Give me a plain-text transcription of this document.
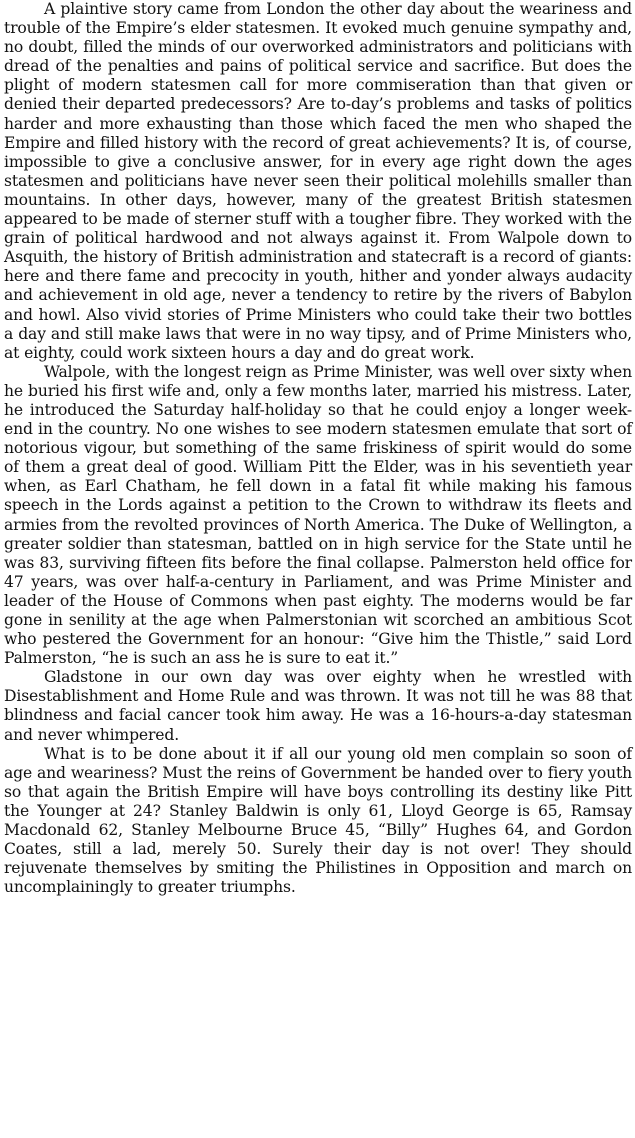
A plaintive story came from London the other day about the weariness and trouble of the Empire’s elder statesmen. It evoked much genuine sympathy and, no doubt, filled the minds of our overworked administrators and politicians with dread of the penalties and pains of political service and sacrifice. But does the plight of modern statesmen call for more commiseration than that given or denied their departed predecessors? Are to-day’s problems and tasks of politics harder and more exhausting than those which faced the men who shaped the Empire and filled history with the record of great achievements? It is, of course, impossible to give a conclusive answer, for in every age right down the ages statesmen and politicians have never seen their political molehills smaller than mountains. In other days, however, many of the greatest British statesmen appeared to be made of sterner stuff with a tougher fibre. They worked with the grain of political hardwood and not always against it. From Walpole down to Asquith, the history of British administration and statecraft is a record of giants: here and there fame and precocity in youth, hither and yonder always audacity and achievement in old age, never a tendency to retire by the rivers of Babylon and howl. Also vivid stories of Prime Ministers who could take their two bottles a day and still make laws that were in no way tipsy, and of Prime Ministers who, at eighty, could work sixteen hours a day and do great work.

Walpole, with the longest reign as Prime Minister, was well over sixty when he buried his first wife and, only a few months later, married his mistress. Later, he introduced the Saturday half-holiday so that he could enjoy a longer week-end in the country. No one wishes to see modern statesmen emulate that sort of notorious vigour, but something of the same friskiness of spirit would do some of them a great deal of good. William Pitt the Elder, was in his seventieth year when, as Earl Chatham, he fell down in a fatal fit while making his famous speech in the Lords against a petition to the Crown to withdraw its fleets and armies from the revolted provinces of North America. The Duke of Wellington, a greater soldier than statesman, battled on in high service for the State until he was 83, surviving fifteen fits before the final collapse. Palmerston held office for 47 years, was over half-a-century in Parliament, and was Prime Minister and leader of the House of Commons when past eighty. The moderns would be far gone in senility at the age when Palmerstonian wit scorched an ambitious Scot who pestered the Government for an honour: “Give him the Thistle,” said Lord Palmerston, “he is such an ass he is sure to eat it.”

Gladstone in our own day was over eighty when he wrestled with Disestablishment and Home Rule and was thrown. It was not till he was 88 that blindness and facial cancer took him away. He was a 16-hours-a-day statesman and never whimpered.

What is to be done about it if all our young old men complain so soon of age and weariness? Must the reins of Government be handed over to fiery youth so that again the British Empire will have boys controlling its destiny like Pitt the Younger at 24? Stanley Baldwin is only 61, Lloyd George is 65, Ramsay Macdonald 62, Stanley Melbourne Bruce 45, “Billy” Hughes 64, and Gordon Coates, still a lad, merely 50. Surely their day is not over! They should rejuvenate themselves by smiting the Philistines in Opposition and march on uncomplainingly to greater triumphs.
